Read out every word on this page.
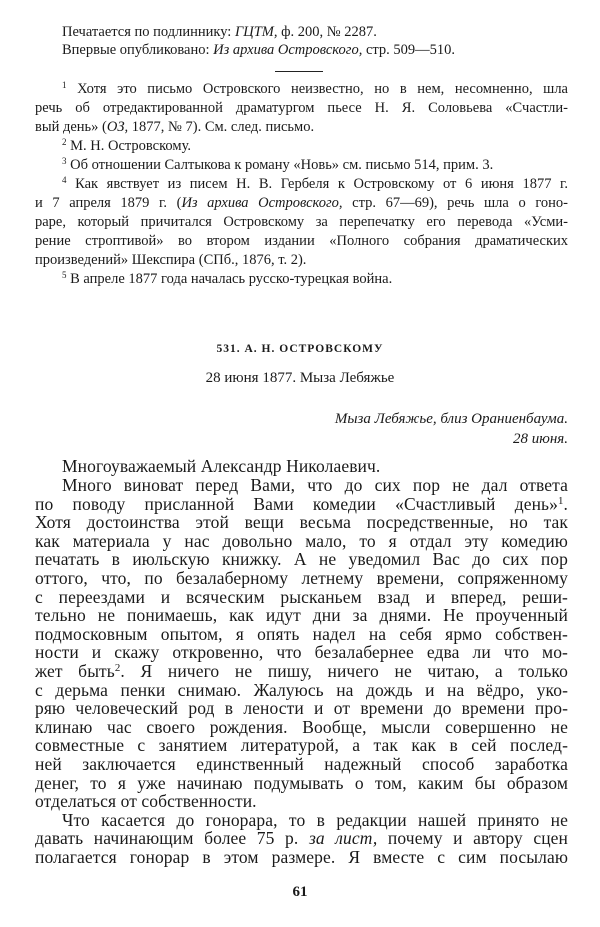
Печатается по подлиннику: ГЦТМ, ф. 200, № 2287.
Впервые опубликовано: Из архива Островского, стр. 509—510.
$^1$ Хотя это письмо Островского неизвестно, но в нем, несомненно, шла
речь об отредактированной драматургом пьесе Н. Я. Соловьева «Счастли-
вый день» (ОЗ, 1877, № 7). См. след. письмо.
$^2$ М. Н. Островскому.
$^3$ Об отношении Салтыкова к роману «Новь» см. письмо 514, прим. 3.
$^4$ Как явствует из писем Н. В. Гербеля к Островскому от 6 июня 1877 г.
и 7 апреля 1879 г. (Из архива Островского, стр. 67—69), речь шла о гоно-
раре, который причитался Островскому за перепечатку его перевода «Усми-
рение строптивой» во втором издании «Полного собрания драматических
произведений» Шекспира (СПб., 1876, т. 2).
$^5$ В апреле 1877 года началась русско-турецкая война.
531. А. Н. ОСТРОВСКОМУ
28 июня 1877. Мыза Лебяжье
Мыза Лебяжье, близ Ораниенбаума.
28 июня.
Многоуважаемый Александр Николаевич.
Много виноват перед Вами, что до сих пор не дал ответа
по поводу присланной Вами комедии «Счастливый день»$^1$.
Хотя достоинства этой вещи весьма посредственные, но так
как материала у нас довольно мало, то я отдал эту комедию
печатать в июльскую книжку. А не уведомил Вас до сих пор
оттого, что, по безалаберному летнему времени, сопряженному
с переездами и всяческим рысканьем взад и вперед, реши-
тельно не понимаешь, как идут дни за днями. Не проученный
подмосковным опытом, я опять надел на себя ярмо собствен-
ности и скажу откровенно, что безалабернее едва ли что мо-
жет быть$^2$. Я ничего не пишу, ничего не читаю, а только
с дерьма пенки снимаю. Жалуюсь на дождь и на вёдро, уко-
ряю человеческий род в лености и от времени до времени про-
клинаю час своего рождения. Вообще, мысли совершенно не
совместные с занятием литературой, а так как в сей послед-
ней заключается единственный надежный способ заработка
денег, то я уже начинаю подумывать о том, каким бы образом
отделаться от собственности.
Что касается до гонорара, то в редакции нашей принято не
давать начинающим более 75 р. за лист, почему и автору сцен
полагается гонорар в этом размере. Я вместе с сим посылаю
61
